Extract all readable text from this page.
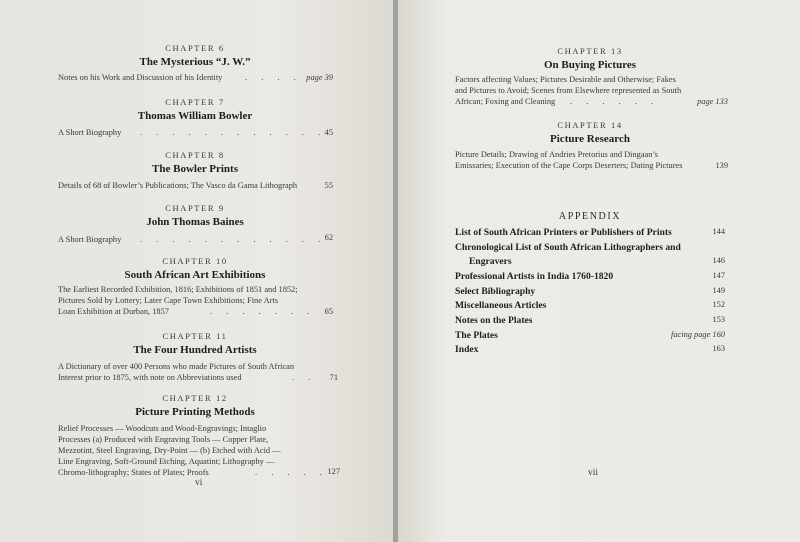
CHAPTER 6
The Mysterious “J. W.”
Notes on his Work and Discussion of his Identity	page 39
CHAPTER 7
Thomas William Bowler
A Short Biography	45
CHAPTER 8
The Bowler Prints
Details of 68 of Bowler’s Publications; The Vasco da Gama Lithograph	55
CHAPTER 9
John Thomas Baines
A Short Biography	62
CHAPTER 10
South African Art Exhibitions
The Earliest Recorded Exhibition, 1816; Exhibitions of 1851 and 1852;
Pictures Sold by Lottery; Later Cape Town Exhibitions; Fine Arts
Loan Exhibition at Durban, 1857	65
CHAPTER 11
The Four Hundred Artists
A Dictionary of over 400 Persons who made Pictures of South African
Interest prior to 1875, with note on Abbreviations used	71
CHAPTER 12
Picture Printing Methods
Relief Processes — Woodcuts and Wood-Engravings; Intaglio
Processes (a) Produced with Engraving Tools — Copper Plate,
Mezzotint, Steel Engraving, Dry-Point — (b) Etched with Acid —
Line Engraving, Soft-Ground Etching, Aquatint; Lithography —
Chromo-lithography; States of Plates; Proofs	127
vi
. . . .
. . . . . . . . . . . .
. . . . . . . . . . . .
. . . . . . .
. .
. . . . .
CHAPTER 13
On Buying Pictures
Factors affecting Values; Pictures Desirable and Otherwise; Fakes
and Pictures to Avoid; Scenes from Elsewhere represented as South
African; Foxing and Cleaning . . . . . .	page 133
CHAPTER 14
Picture Research
Picture Details; Drawing of Andries Pretorius and Dingaan’s
Emissaries; Execution of the Cape Corps Deserters; Dating Pictures	139
APPENDIX
List of South African Printers or Publishers of Prints	144
Chronological List of South African Lithographers and
Engravers	146
Professional Artists in India 1760-1820	147
Select Bibliography	149
Miscellaneous Articles	152
Notes on the Plates	153
The Plates	facing page 160
Index	163
vii
